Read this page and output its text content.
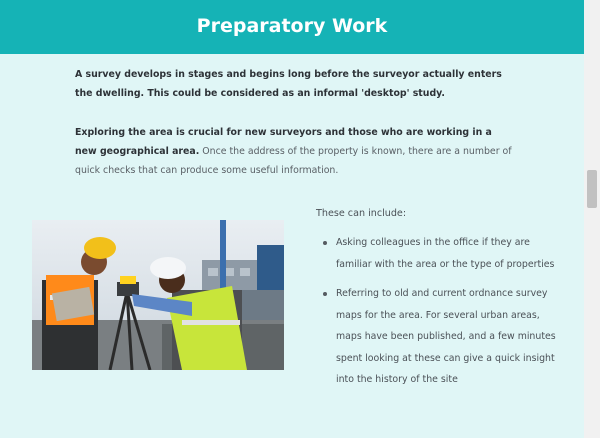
Preparatory Work

A survey develops in stages and begins long before the surveyor actually enters the dwelling. This could be considered as an informal 'desktop' study.

Exploring the area is crucial for new surveyors and those who are working in a new geographical area. Once the address of the property is known, there are a number of quick checks that can produce some useful information.

These can include:
Asking colleagues in the office if they are familiar with the area or the type of properties
Referring to old and current ordnance survey maps for the area. For several urban areas, maps have been published, and a few minutes spent looking at these can give a quick insight into the history of the site
